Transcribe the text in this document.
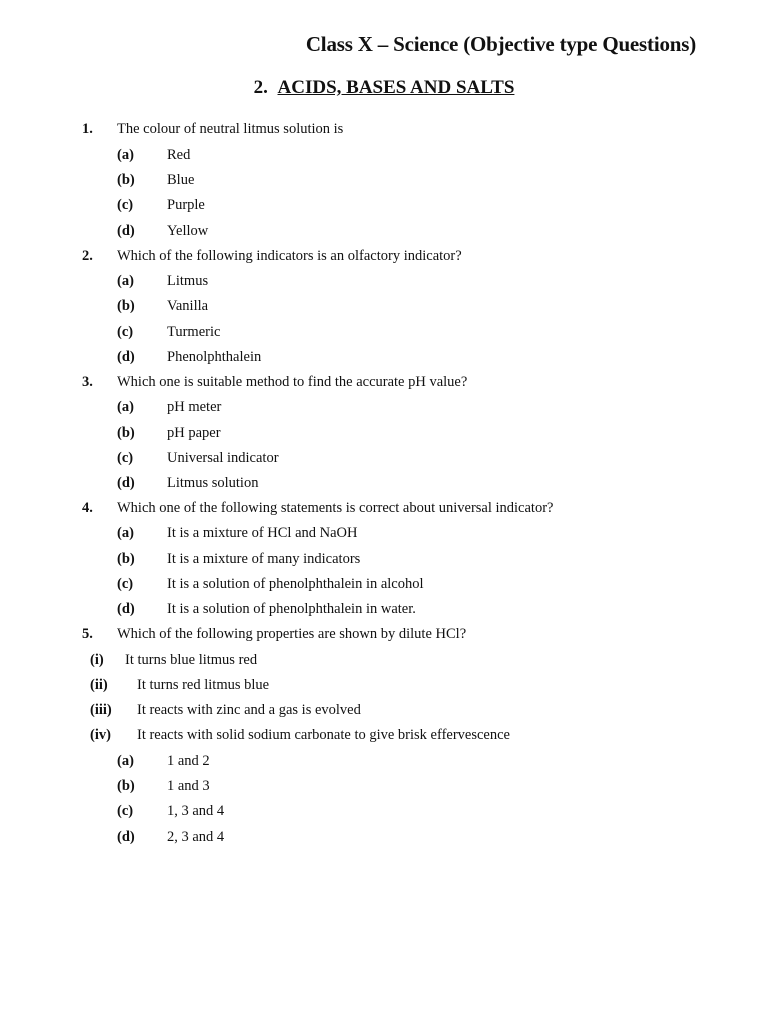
Class X – Science (Objective type Questions)
2. ACIDS, BASES AND SALTS
1. The colour of neutral litmus solution is
(a) Red
(b) Blue
(c) Purple
(d) Yellow
2. Which of the following indicators is an olfactory indicator?
(a) Litmus
(b) Vanilla
(c) Turmeric
(d) Phenolphthalein
3. Which one is suitable method to find the accurate pH value?
(a) pH meter
(b) pH paper
(c) Universal indicator
(d) Litmus solution
4. Which one of the following statements is correct about universal indicator?
(a) It is a mixture of HCl and NaOH
(b) It is a mixture of many indicators
(c) It is a solution of phenolphthalein in alcohol
(d) It is a solution of phenolphthalein in water.
5. Which of the following properties are shown by dilute HCl?
(i) It turns blue litmus red
(ii) It turns red litmus blue
(iii) It reacts with zinc and a gas is evolved
(iv) It reacts with solid sodium carbonate to give brisk effervescence
(a) 1 and 2
(b) 1 and 3
(c) 1, 3 and 4
(d) 2, 3 and 4
